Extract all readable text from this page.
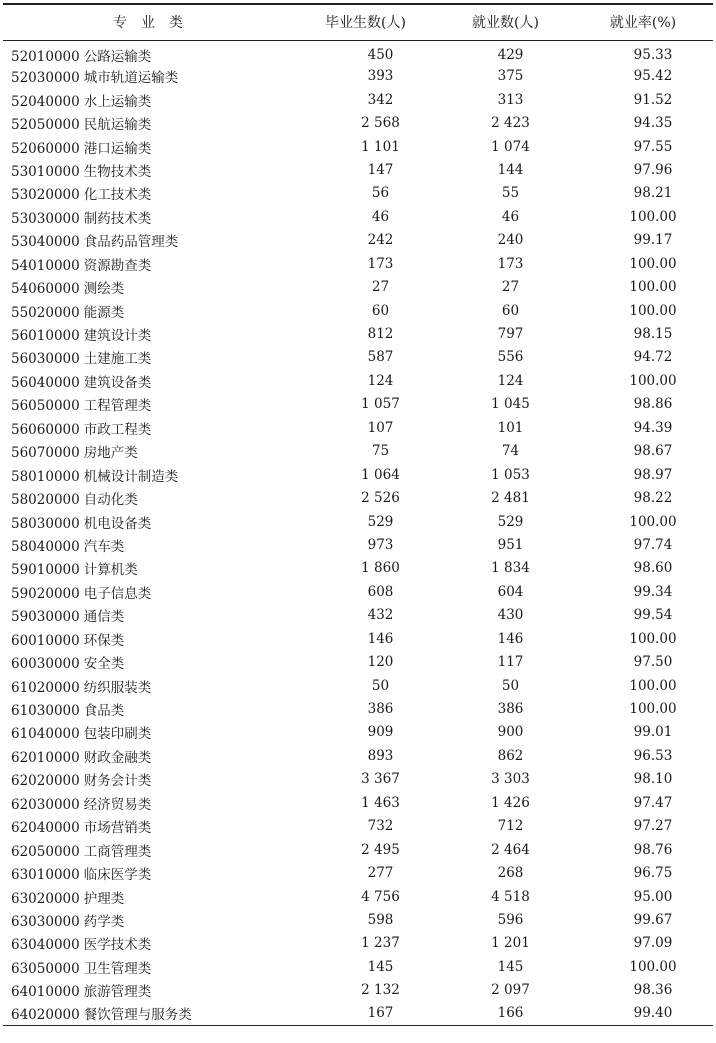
专　业　类	毕业生数(人)	就业数(人)	就业率(%)
52010000 公路运输类	450	429	95.33
52030000 城市轨道运输类	393	375	95.42
52040000 水上运输类	342	313	91.52
52050000 民航运输类	2 568	2 423	94.35
52060000 港口运输类	1 101	1 074	97.55
53010000 生物技术类	147	144	97.96
53020000 化工技术类	56	55	98.21
53030000 制药技术类	46	46	100.00
53040000 食品药品管理类	242	240	99.17
54010000 资源勘查类	173	173	100.00
54060000 测绘类	27	27	100.00
55020000 能源类	60	60	100.00
56010000 建筑设计类	812	797	98.15
56030000 土建施工类	587	556	94.72
56040000 建筑设备类	124	124	100.00
56050000 工程管理类	1 057	1 045	98.86
56060000 市政工程类	107	101	94.39
56070000 房地产类	75	74	98.67
58010000 机械设计制造类	1 064	1 053	98.97
58020000 自动化类	2 526	2 481	98.22
58030000 机电设备类	529	529	100.00
58040000 汽车类	973	951	97.74
59010000 计算机类	1 860	1 834	98.60
59020000 电子信息类	608	604	99.34
59030000 通信类	432	430	99.54
60010000 环保类	146	146	100.00
60030000 安全类	120	117	97.50
61020000 纺织服装类	50	50	100.00
61030000 食品类	386	386	100.00
61040000 包装印刷类	909	900	99.01
62010000 财政金融类	893	862	96.53
62020000 财务会计类	3 367	3 303	98.10
62030000 经济贸易类	1 463	1 426	97.47
62040000 市场营销类	732	712	97.27
62050000 工商管理类	2 495	2 464	98.76
63010000 临床医学类	277	268	96.75
63020000 护理类	4 756	4 518	95.00
63030000 药学类	598	596	99.67
63040000 医学技术类	1 237	1 201	97.09
63050000 卫生管理类	145	145	100.00
64010000 旅游管理类	2 132	2 097	98.36
64020000 餐饮管理与服务类	167	166	99.40
